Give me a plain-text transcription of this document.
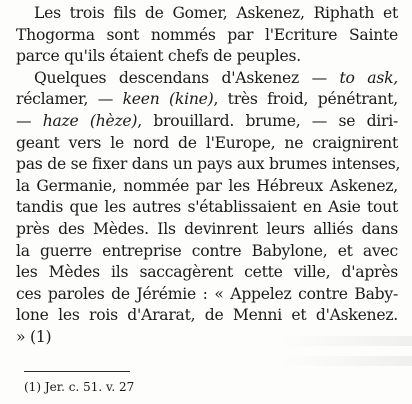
Les trois fils de Gomer, Askenez, Riphath et
Thogorma sont nommés par l'Ecriture Sainte
parce qu'ils étaient chefs de peuples.
Quelques descendans d'Askenez — to ask,
réclamer, — keen (kine), très froid, pénétrant,
— haze (hèze), brouillard. brume, — se diri-
geant vers le nord de l'Europe, ne craignirent
pas de se fixer dans un pays aux brumes intenses,
la Germanie, nommée par les Hébreux Askenez,
tandis que les autres s'établissaient en Asie tout
près des Mèdes. Ils devinrent leurs alliés dans
la guerre entreprise contre Babylone, et avec
les Mèdes ils saccagèrent cette ville, d'après
ces paroles de Jérémie : « Appelez contre Baby-
lone les rois d'Ararat, de Menni et d'Askenez.
» (1)
(1) Jer. c. 51. v. 27
